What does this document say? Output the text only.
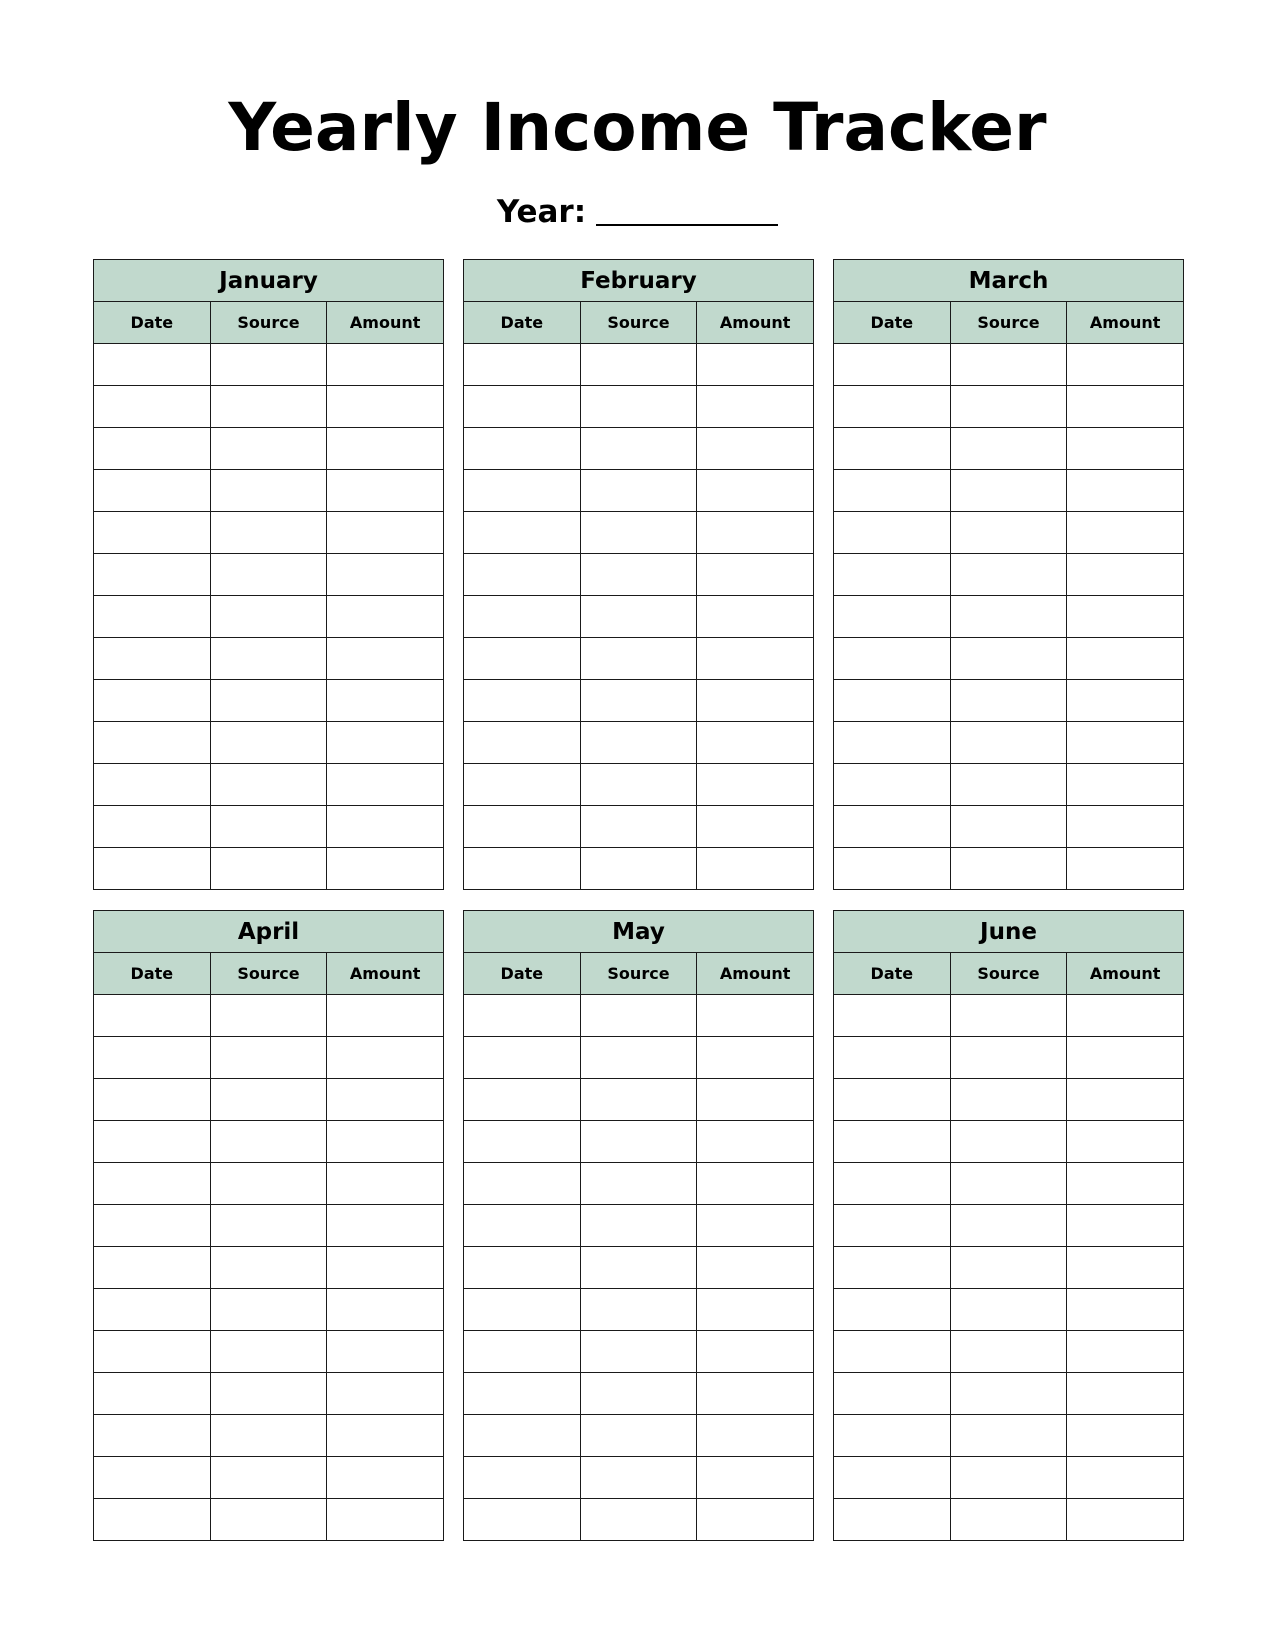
Yearly Income Tracker
Year:
January		
Date	Source	Amount

February		
Date	Source	Amount

March		
Date	Source	Amount

April		
Date	Source	Amount

May		
Date	Source	Amount

June		
Date	Source	Amount
